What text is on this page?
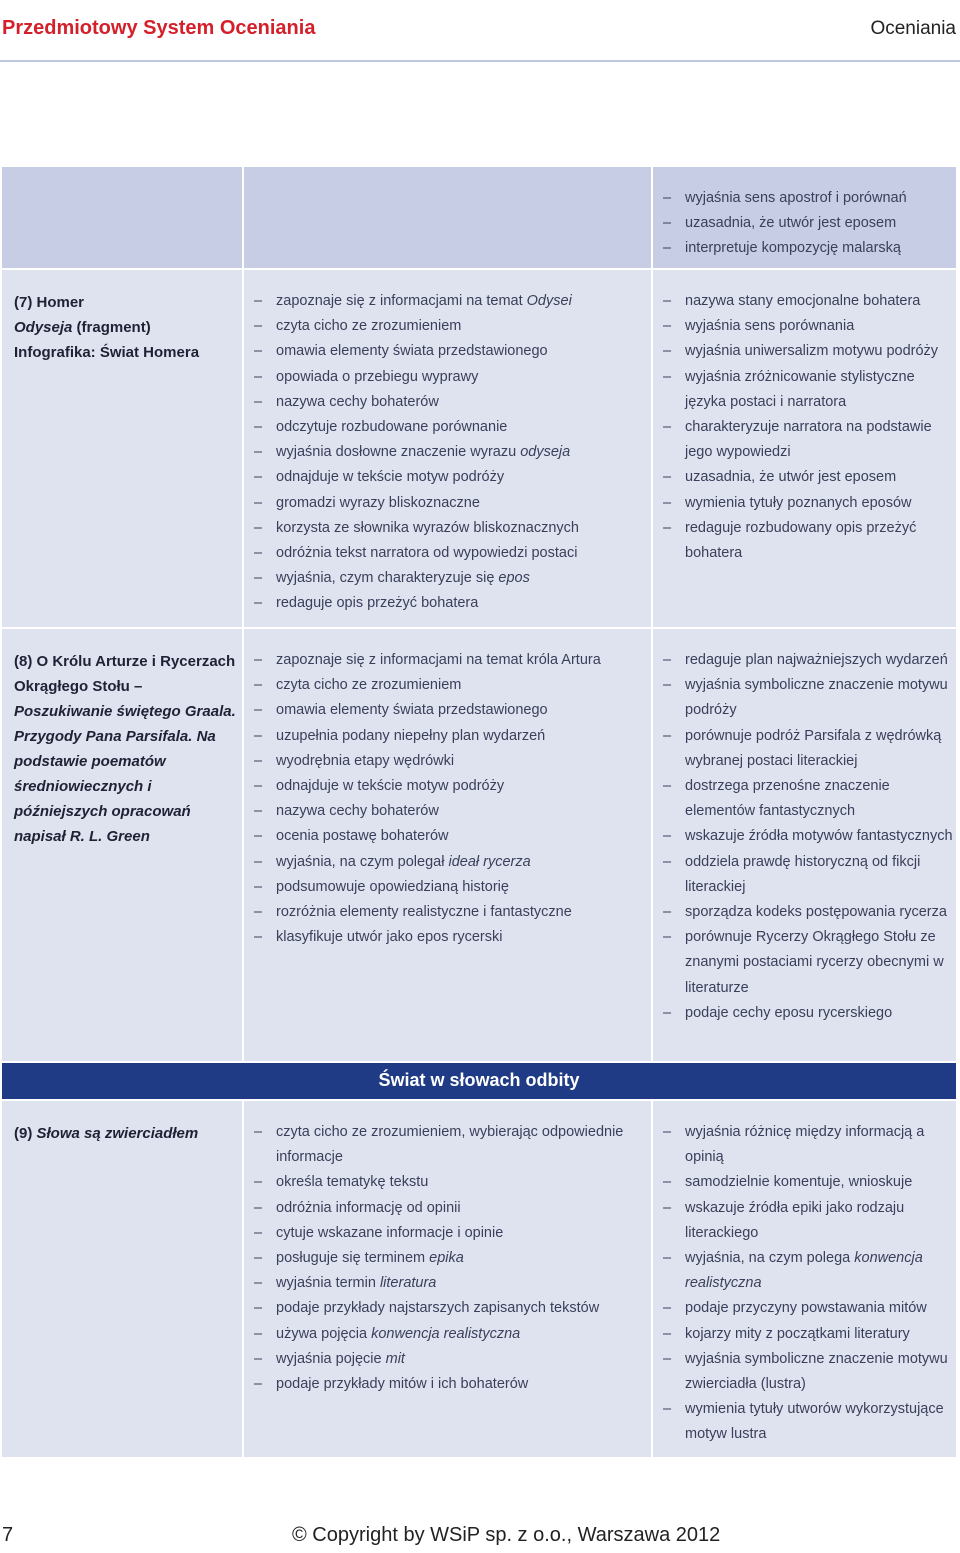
Przedmiotowy System Oceniania	Oceniania
– wyjaśnia sens apostrof i porównań
– uzasadnia, że utwór jest eposem
– interpretuje kompozycję malarską
(7) Homer
Odyseja (fragment)
Infografika: Świat Homera
– zapoznaje się z informacjami na temat Odysei
– czyta cicho ze zrozumieniem
– omawia elementy świata przedstawionego
– opowiada o przebiegu wyprawy
– nazywa cechy bohaterów
– odczytuje rozbudowane porównanie
– wyjaśnia dosłowne znaczenie wyrazu odyseja
– odnajduje w tekście motyw podróży
– gromadzi wyrazy bliskoznaczne
– korzysta ze słownika wyrazów bliskoznacznych
– odróżnia tekst narratora od wypowiedzi postaci
– wyjaśnia, czym charakteryzuje się epos
– redaguje opis przeżyć bohatera
– nazywa stany emocjonalne bohatera
– wyjaśnia sens porównania
– wyjaśnia uniwersalizm motywu podróży
– wyjaśnia zróżnicowanie stylistyczne języka postaci i narratora
– charakteryzuje narratora na podstawie jego wypowiedzi
– uzasadnia, że utwór jest eposem
– wymienia tytuły poznanych eposów
– redaguje rozbudowany opis przeżyć bohatera
(8) O Królu Arturze i Rycerzach Okrągłego Stołu – Poszukiwanie świętego Graala. Przygody Pana Parsifala. Na podstawie poematów średniowiecznych i późniejszych opracowań napisał R. L. Green
– zapoznaje się z informacjami na temat króla Artura
– czyta cicho ze zrozumieniem
– omawia elementy świata przedstawionego
– uzupełnia podany niepełny plan wydarzeń
– wyodrębnia etapy wędrówki
– odnajduje w tekście motyw podróży
– nazywa cechy bohaterów
– ocenia postawę bohaterów
– wyjaśnia, na czym polegał ideał rycerza
– podsumowuje opowiedzianą historię
– rozróżnia elementy realistyczne i fantastyczne
– klasyfikuje utwór jako epos rycerski
– redaguje plan najważniejszych wydarzeń
– wyjaśnia symboliczne znaczenie motywu podróży
– porównuje podróż Parsifala z wędrówką wybranej postaci literackiej
– dostrzega przenośne znaczenie elementów fantastycznych
– wskazuje źródła motywów fantastycznych
– oddziela prawdę historyczną od fikcji literackiej
– sporządza kodeks postępowania rycerza
– porównuje Rycerzy Okrągłego Stołu ze znanymi postaciami rycerzy obecnymi w literaturze
– podaje cechy eposu rycerskiego
Świat w słowach odbity
(9) Słowa są zwierciadłem
–	czyta cicho ze zrozumieniem, wybierając odpowiednie informacje
– określa tematykę tekstu
– odróżnia informację od opinii
– cytuje wskazane informacje i opinie
– posługuje się terminem epika
– wyjaśnia termin literatura
– podaje przykłady najstarszych zapisanych tekstów
– używa pojęcia konwencja realistyczna
– wyjaśnia pojęcie mit
– podaje przykłady mitów i ich bohaterów
– wyjaśnia różnicę między informacją a opinią
– samodzielnie komentuje, wnioskuje
– wskazuje źródła epiki jako rodzaju literackiego
– wyjaśnia, na czym polega konwencja realistyczna
– podaje przyczyny powstawania mitów
– kojarzy mity z początkami literatury
– wyjaśnia symboliczne znaczenie motywu zwierciadła (lustra)
– wymienia tytuły utworów wykorzystujące motyw lustra
7	© Copyright by WSiP sp. z o.o., Warszawa 2012
